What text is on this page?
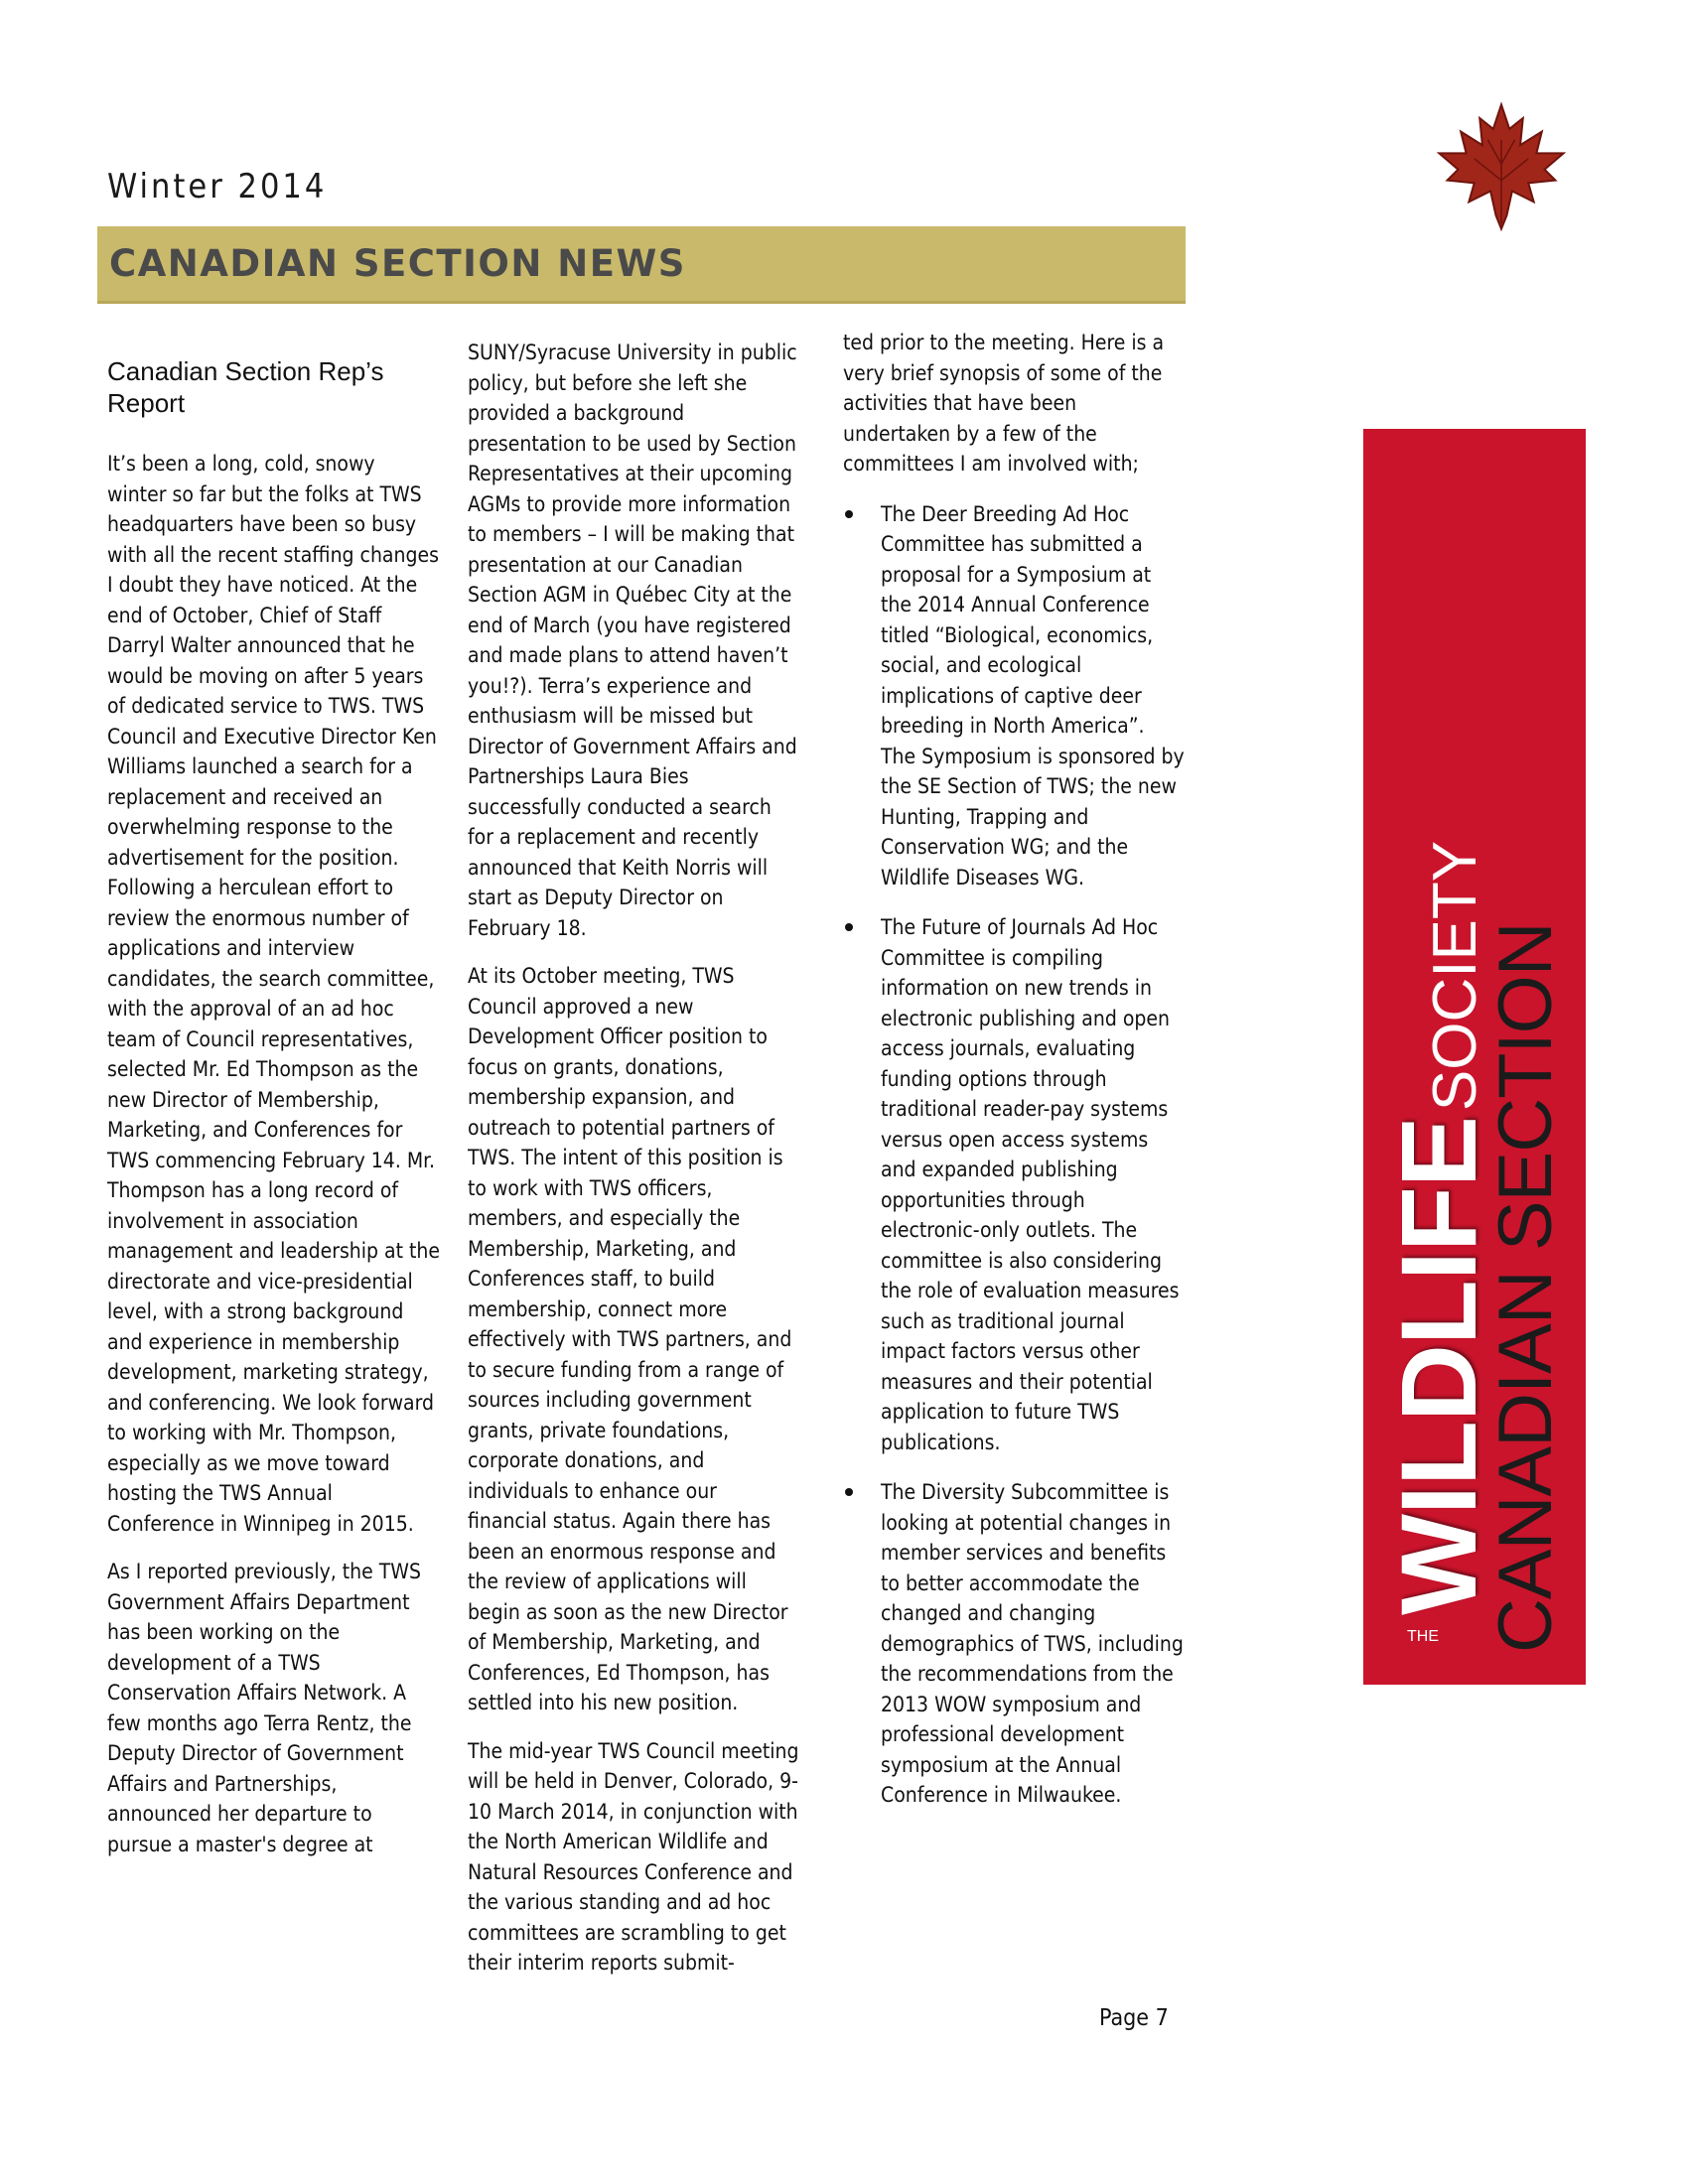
Winter 2014
CANADIAN SECTION NEWS
THEWILDLIFESOCIETY
CANADIAN SECTION
Canadian Section Rep’s Report

It’s been a long, cold, snowy winter so far but the folks at TWS headquarters have been so busy with all the recent staffing changes I doubt they have noticed. At the end of October, Chief of Staff Darryl Walter announced that he would be moving on after 5 years of dedicated service to TWS. TWS Council and Executive Director Ken Williams launched a search for a replacement and received an overwhelming response to the advertisement for the position. Following a herculean effort to review the enormous number of applications and interview candidates, the search committee, with the approval of an ad hoc team of Council representatives, selected Mr. Ed Thompson as the new Director of Membership, Marketing, and Conferences for TWS commencing February 14. Mr. Thompson has a long record of involvement in association management and leadership at the directorate and vice-presidential level, with a strong background and experience in membership development, marketing strategy, and conferencing. We look forward to working with Mr. Thompson, especially as we move toward hosting the TWS Annual Conference in Winnipeg in 2015.

As I reported previously, the TWS Government Affairs Department has been working on the development of a TWS Conservation Affairs Network. A few months ago Terra Rentz, the Deputy Director of Government Affairs and Partnerships, announced her departure to pursue a master's degree at

SUNY/Syracuse University in public policy, but before she left she provided a background presentation to be used by Section Representatives at their upcoming AGMs to provide more information to members – I will be making that presentation at our Canadian Section AGM in Québec City at the end of March (you have registered and made plans to attend haven’t you!?). Terra’s experience and enthusiasm will be missed but Director of Government Affairs and Partnerships Laura Bies successfully conducted a search for a replacement and recently announced that Keith Norris will start as Deputy Director on February 18.

At its October meeting, TWS Council approved a new Development Officer position to focus on grants, donations, membership expansion, and outreach to potential partners of TWS. The intent of this position is to work with TWS officers, members, and especially the Membership, Marketing, and Conferences staff, to build membership, connect more effectively with TWS partners, and to secure funding from a range of sources including government grants, private foundations, corporate donations, and individuals to enhance our financial status. Again there has been an enormous response and the review of applications will begin as soon as the new Director of Membership, Marketing, and Conferences, Ed Thompson, has settled into his new position.

The mid-year TWS Council meeting will be held in Denver, Colorado, 9-10 March 2014, in conjunction with the North American Wildlife and Natural Resources Conference and the various standing and ad hoc committees are scrambling to get their interim reports submit-

ted prior to the meeting. Here is a very brief synopsis of some of the activities that have been undertaken by a few of the committees I am involved with;

The Deer Breeding Ad Hoc Committee has submitted a proposal for a Symposium at the 2014 Annual Conference titled “Biological, economics, social, and ecological implications of captive deer breeding in North America”. The Symposium is sponsored by the SE Section of TWS; the new Hunting, Trapping and Conservation WG; and the Wildlife Diseases WG.
The Future of Journals Ad Hoc Committee is compiling information on new trends in electronic publishing and open access journals, evaluating funding options through traditional reader-pay systems versus open access systems and expanded publishing opportunities through electronic-only outlets. The committee is also considering the role of evaluation measures such as traditional journal impact factors versus other measures and their potential application to future TWS publications.
The Diversity Subcommittee is looking at potential changes in member services and benefits to better accommodate the changed and changing demographics of TWS, including the recommendations from the 2013 WOW symposium and professional development symposium at the Annual Conference in Milwaukee.
Page 7
